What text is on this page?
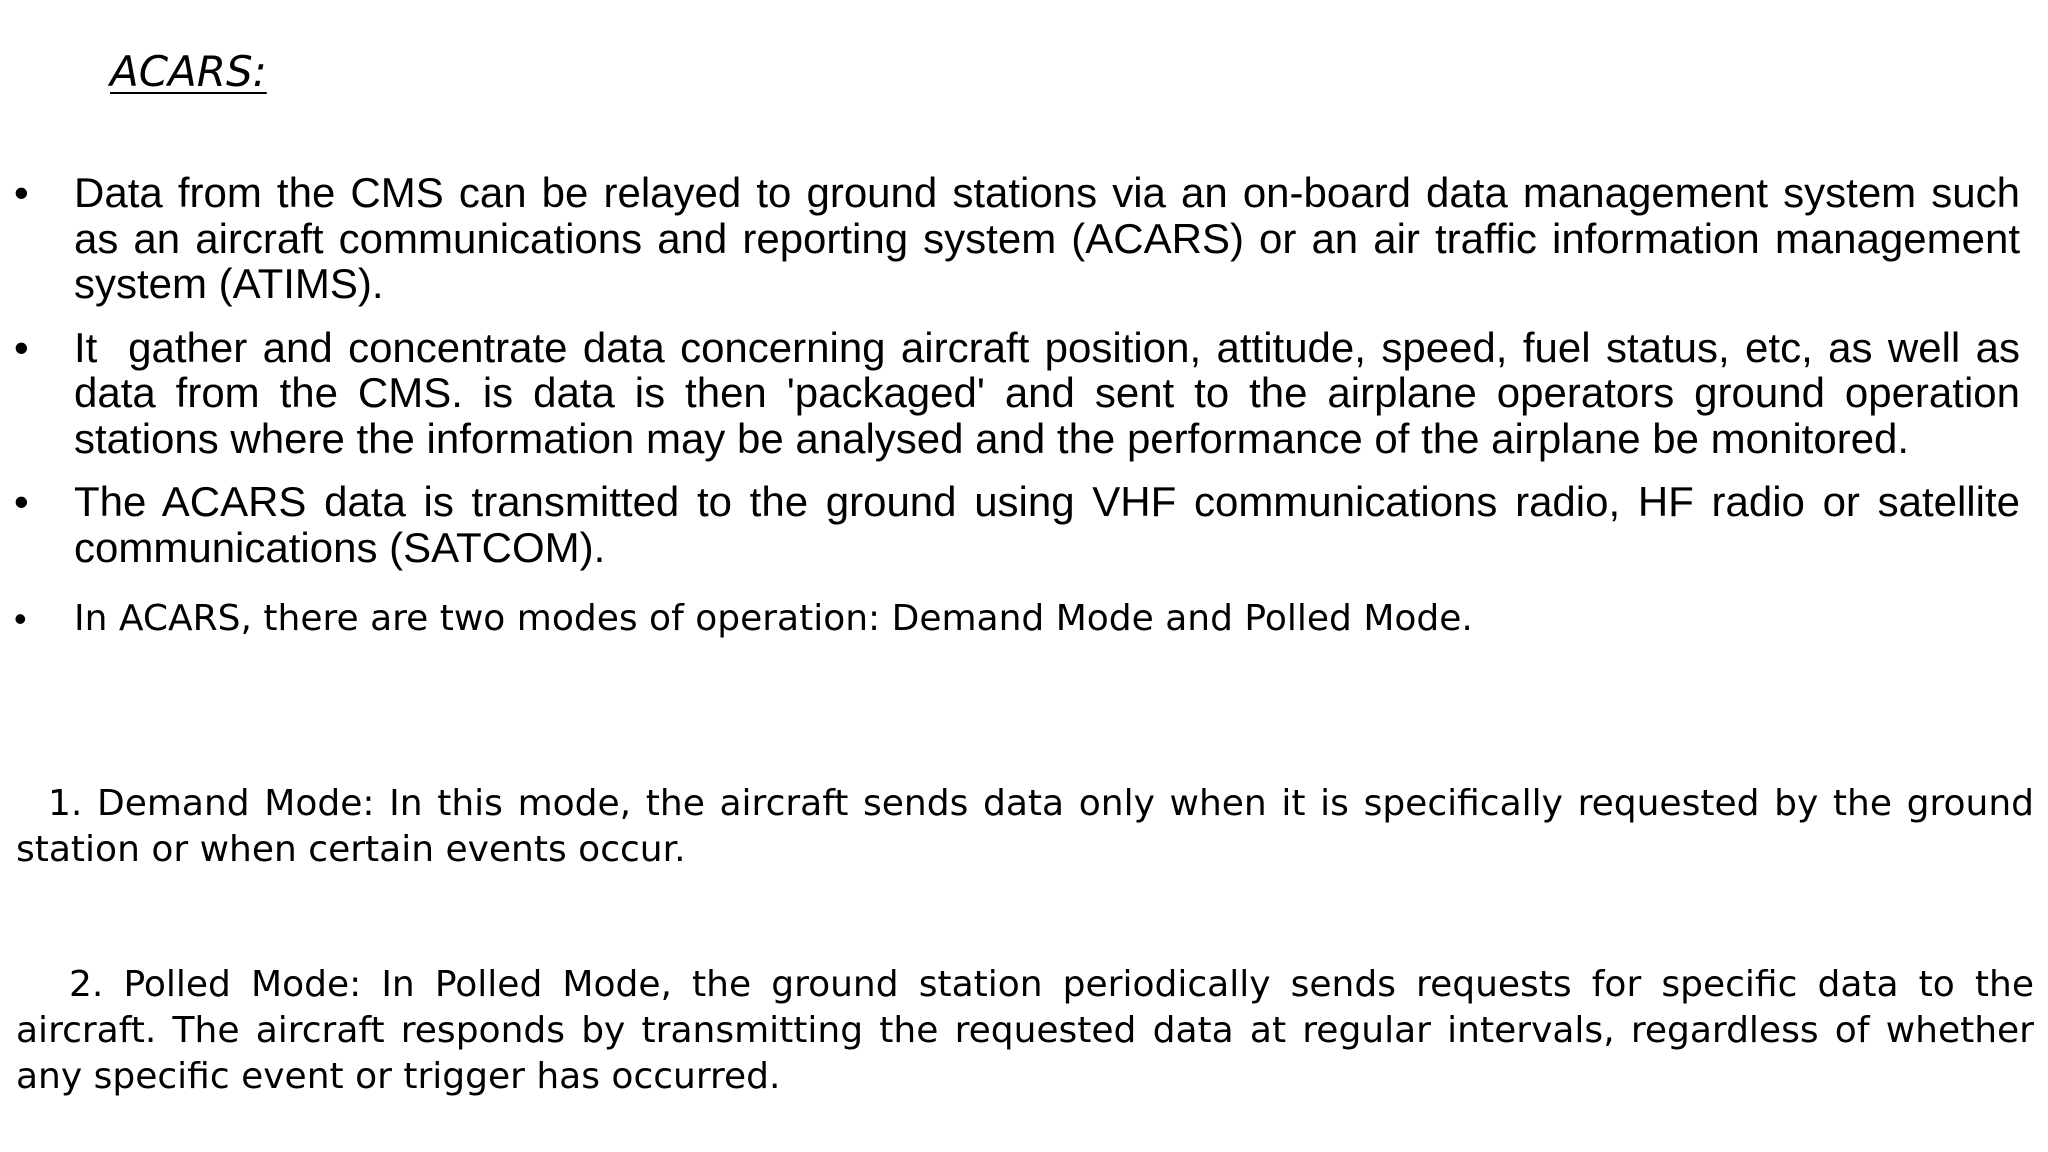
ACARS:
• Data from the CMS can be relayed to ground stations via an on-board data management system such as an aircraft communications and reporting system (ACARS) or an air traffic information management system (ATIMS).
• It  gather and concentrate data concerning aircraft position, attitude, speed, fuel status, etc, as well as data from the CMS. is data is then 'packaged' and sent to the airplane operators ground operation stations where the information may be analysed and the performance of the airplane be monitored.
• The ACARS data is transmitted to the ground using VHF communications radio, HF radio or satellite communications (SATCOM).
• In ACARS, there are two modes of operation: Demand Mode and Polled Mode.

1. Demand Mode: In this mode, the aircraft sends data only when it is specifically requested by the ground station or when certain events occur.

2. Polled Mode: In Polled Mode, the ground station periodically sends requests for specific data to the aircraft. The aircraft responds by transmitting the requested data at regular intervals, regardless of whether any specific event or trigger has occurred.
